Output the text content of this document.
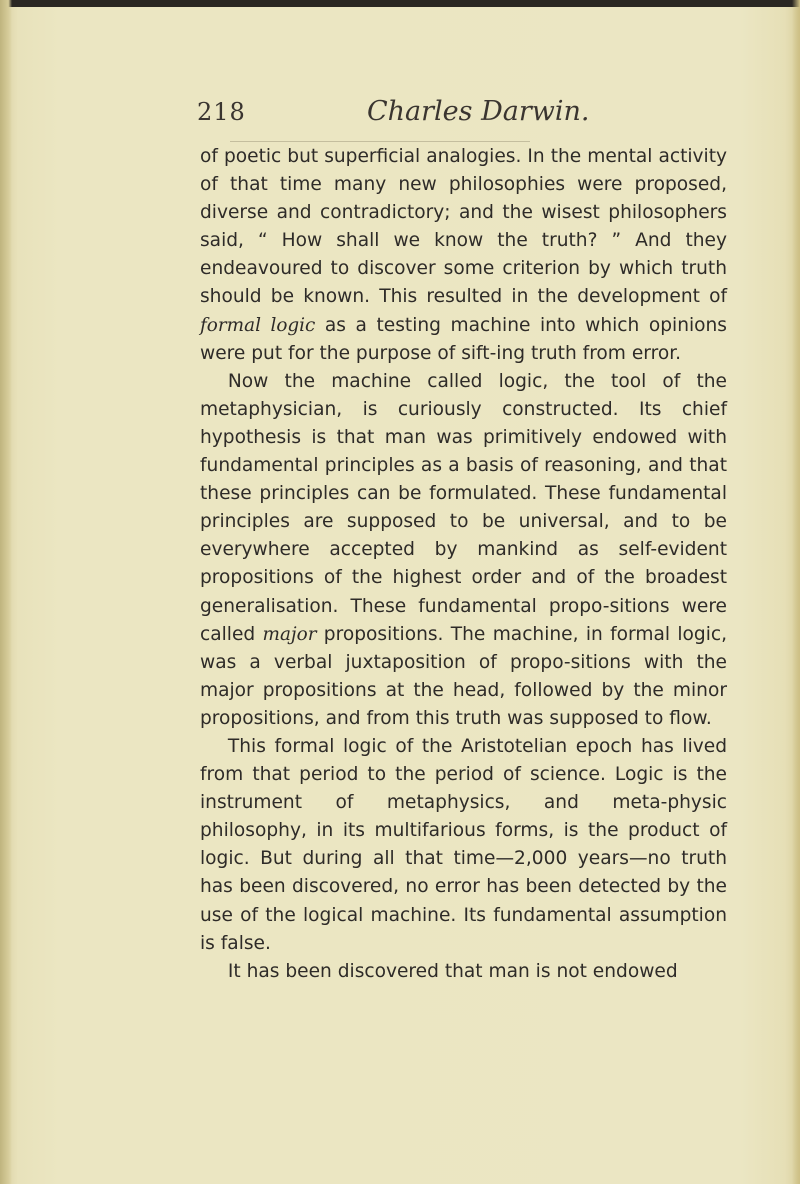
218	Charles Darwin.

of poetic but superficial analogies. In the mental activity of that time many new philosophies were proposed, diverse and contradictory; and the wisest philosophers said, “ How shall we know the truth? ” And they endeavoured to discover some criterion by which truth should be known. This resulted in the development of formal logic as a testing machine into which opinions were put for the purpose of sift-ing truth from error.

Now the machine called logic, the tool of the metaphysician, is curiously constructed. Its chief hypothesis is that man was primitively endowed with fundamental principles as a basis of reasoning, and that these principles can be formulated. These fundamental principles are supposed to be universal, and to be everywhere accepted by mankind as self-evident propositions of the highest order and of the broadest generalisation. These fundamental propo-sitions were called major propositions. The machine, in formal logic, was a verbal juxtaposition of propo-sitions with the major propositions at the head, followed by the minor propositions, and from this truth was supposed to flow.

This formal logic of the Aristotelian epoch has lived from that period to the period of science. Logic is the instrument of metaphysics, and meta-physic philosophy, in its multifarious forms, is the product of logic. But during all that time—2,000 years—no truth has been discovered, no error has been detected by the use of the logical machine. Its fundamental assumption is false.

It has been discovered that man is not endowed
